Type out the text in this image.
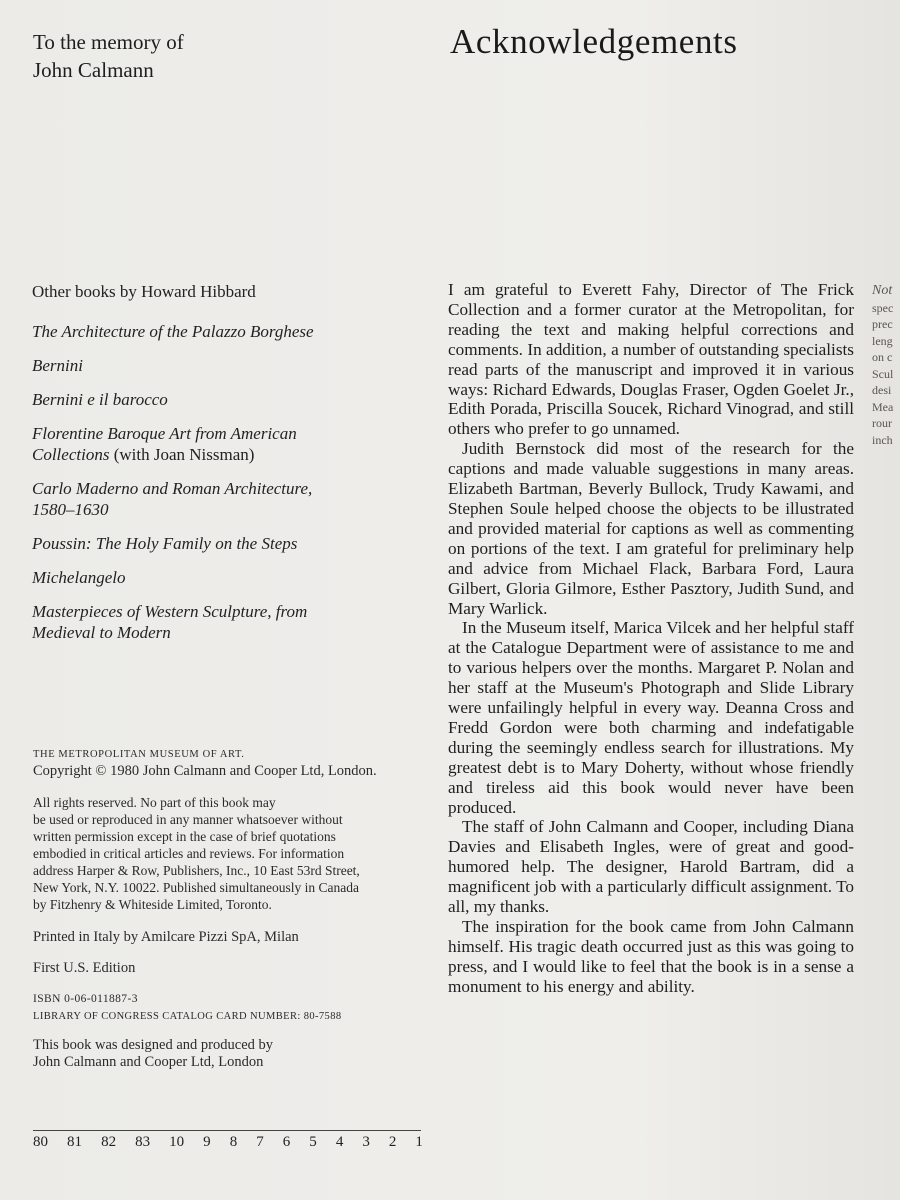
To the memory of
John Calmann
Acknowledgements
Other books by Howard Hibbard
The Architecture of the Palazzo Borghese
Bernini
Bernini e il barocco
Florentine Baroque Art from American
Collections (with Joan Nissman)
Carlo Maderno and Roman Architecture,
1580–1630
Poussin: The Holy Family on the Steps
Michelangelo
Masterpieces of Western Sculpture, from
Medieval to Modern
THE METROPOLITAN MUSEUM OF ART.
Copyright © 1980 John Calmann and Cooper Ltd, London.
All rights reserved. No part of this book may
be used or reproduced in any manner whatsoever without
written permission except in the case of brief quotations
embodied in critical articles and reviews. For information
address Harper & Row, Publishers, Inc., 10 East 53rd Street,
New York, N.Y. 10022. Published simultaneously in Canada
by Fitzhenry & Whiteside Limited, Toronto.
Printed in Italy by Amilcare Pizzi SpA, Milan
First U.S. Edition
ISBN 0-06-011887-3
LIBRARY OF CONGRESS CATALOG CARD NUMBER: 80-7588
This book was designed and produced by
John Calmann and Cooper Ltd, London
80 81 82 83 10 9 8 7 6 5 4 3 2 1

I am grateful to Everett Fahy, Director of The Frick Collection and a former curator at the Metropolitan, for reading the text and making helpful corrections and comments. In addition, a number of outstanding specialists read parts of the manuscript and improved it in various ways: Richard Edwards, Douglas Fraser, Ogden Goelet Jr., Edith Porada, Priscilla Soucek, Richard Vinograd, and still others who prefer to go unnamed.

Judith Bernstock did most of the research for the captions and made valuable suggestions in many areas. Elizabeth Bartman, Beverly Bullock, Trudy Kawami, and Stephen Soule helped choose the objects to be illustrated and provided material for captions as well as commenting on portions of the text. I am grateful for preliminary help and advice from Michael Flack, Barbara Ford, Laura Gilbert, Gloria Gilmore, Esther Pasztory, Judith Sund, and Mary Warlick.

In the Museum itself, Marica Vilcek and her helpful staff at the Catalogue Department were of assistance to me and to various helpers over the months. Margaret P. Nolan and her staff at the Museum's Photograph and Slide Library were unfailingly helpful in every way. Deanna Cross and Fredd Gordon were both charming and indefatigable during the seemingly endless search for illustrations. My greatest debt is to Mary Doherty, without whose friendly and tireless aid this book would never have been produced.

The staff of John Calmann and Cooper, including Diana Davies and Elisabeth Ingles, were of great and good-humored help. The designer, Harold Bartram, did a magnificent job with a particularly difficult assignment. To all, my thanks.

The inspiration for the book came from John Calmann himself. His tragic death occurred just as this was going to press, and I would like to feel that the book is in a sense a monument to his energy and ability.

Not
spec
prec
leng
on c
Scul
desi
Mea
rour
inch
